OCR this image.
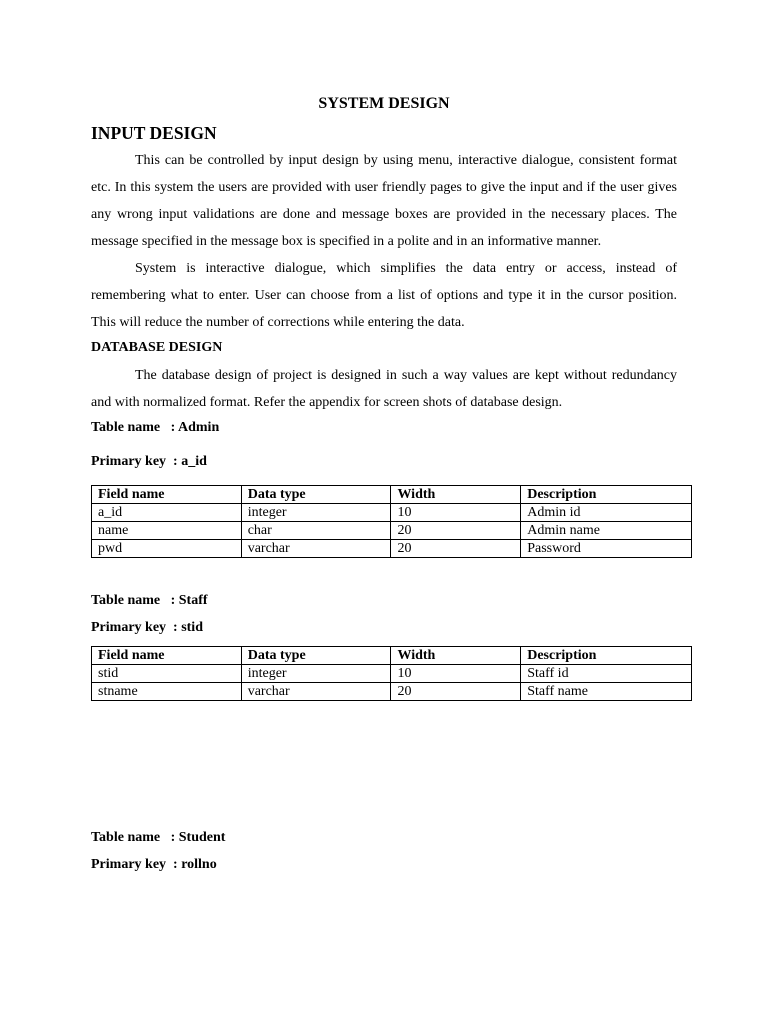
SYSTEM DESIGN
INPUT DESIGN

This can be controlled by input design by using menu, interactive dialogue, consistent format etc. In this system the users are provided with user friendly pages to give the input and if the user gives any wrong input validations are done and message boxes are provided in the necessary places. The message specified in the message box is specified in a polite and in an informative manner.

System is interactive dialogue, which simplifies the data entry or access, instead of remembering what to enter. User can choose from a list of options and type it in the cursor position. This will reduce the number of corrections while entering the data.

DATABASE DESIGN

The database design of project is designed in such a way values are kept without redundancy and with normalized format. Refer the appendix for screen shots of database design.

Table name   : Admin

Primary key  : a_id

Field name	Data type	Width	Description
a_id	integer	10	Admin id
name	char	20	Admin name
pwd	varchar	20	Password

Table name   : Staff

Primary key  : stid

Field name	Data type	Width	Description
stid	integer	10	Staff id
stname	varchar	20	Staff name

Table name   : Student

Primary key  : rollno
